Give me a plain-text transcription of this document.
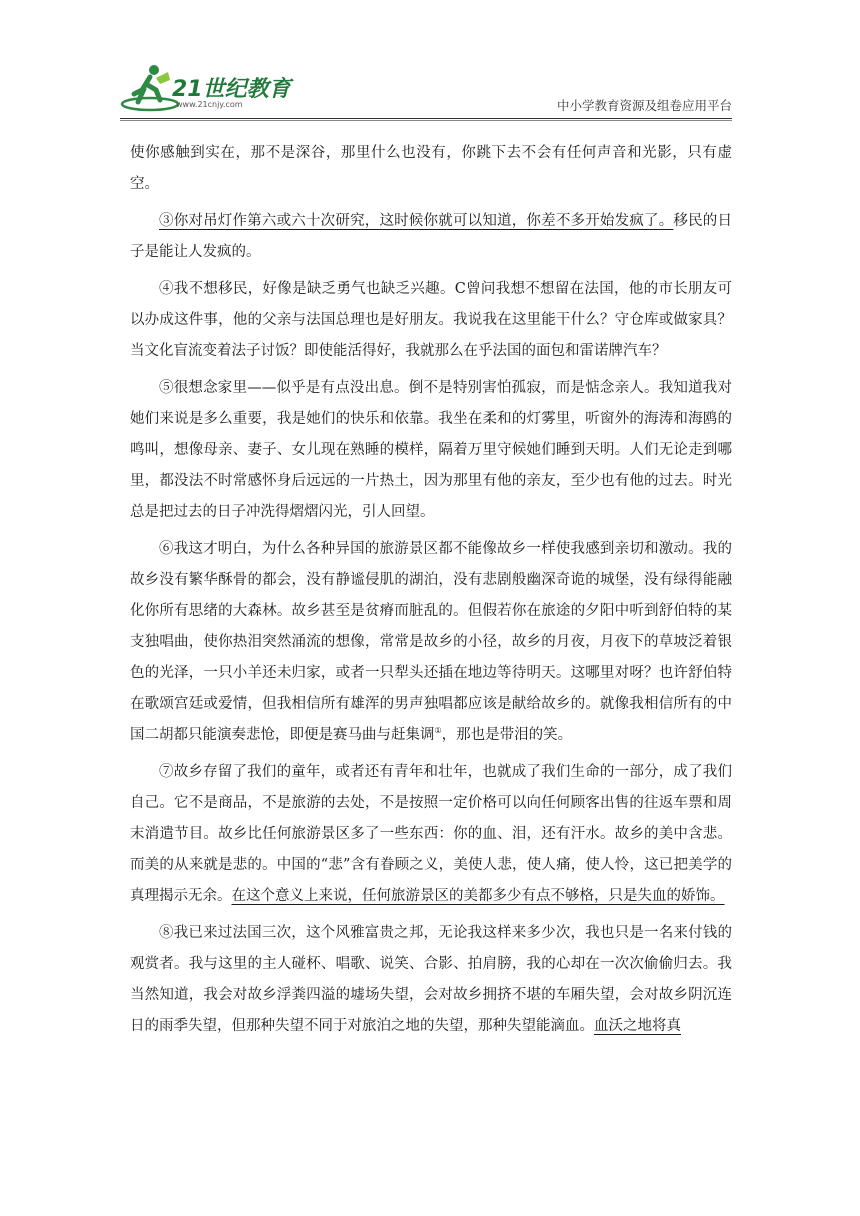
21世纪教育
www.21cnjy.com	中小学教育资源及组卷应用平台

使你感触到实在，那不是深谷，那里什么也没有，你跳下去不会有任何声音和光影，只有虚空。

③你对吊灯作第六或六十次研究，这时候你就可以知道，你差不多开始发疯了。移民的日子是能让人发疯的。

④我不想移民，好像是缺乏勇气也缺乏兴趣。C曾问我想不想留在法国，他的市长朋友可以办成这件事，他的父亲与法国总理也是好朋友。我说我在这里能干什么？守仓库或做家具？当文化盲流变着法子讨饭？即使能活得好，我就那么在乎法国的面包和雷诺牌汽车？

⑤很想念家里——似乎是有点没出息。倒不是特别害怕孤寂，而是惦念亲人。我知道我对她们来说是多么重要，我是她们的快乐和依靠。我坐在柔和的灯雾里，听窗外的海涛和海鸥的鸣叫，想像母亲、妻子、女儿现在熟睡的模样，隔着万里守候她们睡到天明。人们无论走到哪里，都没法不时常感怀身后远远的一片热土，因为那里有他的亲友，至少也有他的过去。时光总是把过去的日子冲洗得熠熠闪光，引人回望。

⑥我这才明白，为什么各种异国的旅游景区都不能像故乡一样使我感到亲切和激动。我的故乡没有繁华酥骨的都会，没有静谧侵肌的湖泊，没有悲剧般幽深奇诡的城堡，没有绿得能融化你所有思绪的大森林。故乡甚至是贫瘠而脏乱的。但假若你在旅途的夕阳中听到舒伯特的某支独唱曲，使你热泪突然涌流的想像，常常是故乡的小径，故乡的月夜，月夜下的草坡泛着银色的光泽，一只小羊还未归家，或者一只犁头还插在地边等待明天。这哪里对呀？也许舒伯特在歌颂宫廷或爱情，但我相信所有雄浑的男声独唱都应该是献给故乡的。就像我相信所有的中国二胡都只能演奏悲怆，即便是赛马曲与赶集调①，那也是带泪的笑。

⑦故乡存留了我们的童年，或者还有青年和壮年，也就成了我们生命的一部分，成了我们自己。它不是商品，不是旅游的去处，不是按照一定价格可以向任何顾客出售的往返车票和周末消遣节目。故乡比任何旅游景区多了一些东西：你的血、泪，还有汗水。故乡的美中含悲。而美的从来就是悲的。中国的“悲”含有眷顾之义，美使人悲，使人痛，使人怜，这已把美学的真理揭示无余。在这个意义上来说，任何旅游景区的美都多少有点不够格，只是失血的娇饰。

⑧我已来过法国三次，这个风雅富贵之邦，无论我这样来多少次，我也只是一名来付钱的观赏者。我与这里的主人碰杯、唱歌、说笑、合影、拍肩膀，我的心却在一次次偷偷归去。我当然知道，我会对故乡浮粪四溢的墟场失望，会对故乡拥挤不堪的车厢失望，会对故乡阴沉连日的雨季失望，但那种失望不同于对旅泊之地的失望，那种失望能滴血。血沃之地将真
